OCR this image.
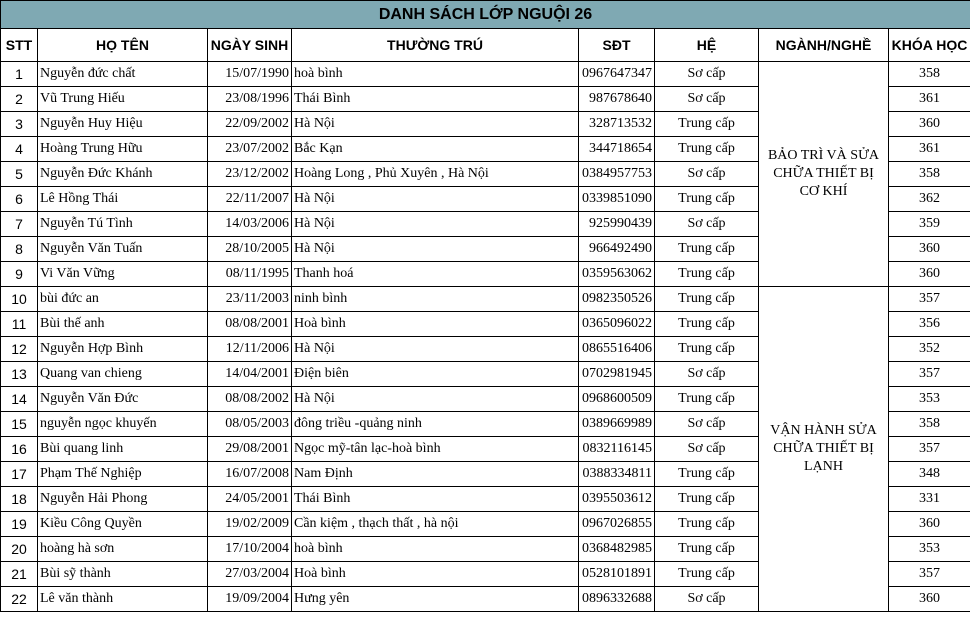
DANH SÁCH LỚP NGUỘI 26							
STT	HỌ TÊN	NGÀY SINH	THƯỜNG TRÚ	SĐT	HỆ	NGÀNH/NGHỀ	KHÓA HỌC
1	Nguyễn đức chất	15/07/1990	hoà bình	0967647347	Sơ cấp	BẢO TRÌ VÀ SỬA CHỮA THIẾT BỊ CƠ KHÍ	358
2	Vũ Trung Hiếu	23/08/1996	Thái Bình	987678640	Sơ cấp		361
3	Nguyễn Huy Hiệu	22/09/2002	Hà Nội	328713532	Trung cấp		360
4	Hoàng Trung Hữu	23/07/2002	Bắc Kạn	344718654	Trung cấp		361
5	Nguyễn Đức Khánh	23/12/2002	Hoàng Long , Phủ Xuyên , Hà Nội	0384957753	Sơ cấp		358
6	Lê Hồng Thái	22/11/2007	Hà Nội	0339851090	Trung cấp		362
7	Nguyễn Tú Tình	14/03/2006	Hà Nội	925990439	Sơ cấp		359
8	Nguyễn Văn Tuấn	28/10/2005	Hà Nội	966492490	Trung cấp		360
9	Vi Văn Vững	08/11/1995	Thanh hoá	0359563062	Trung cấp		360
10	bùi đức an	23/11/2003	ninh bình	0982350526	Trung cấp	VẬN HÀNH SỬA CHỮA THIẾT BỊ LẠNH	357
11	Bùi thế anh	08/08/2001	Hoà bình	0365096022	Trung cấp		356
12	Nguyễn Hợp Bình	12/11/2006	Hà Nội	0865516406	Trung cấp		352
13	Quang van chieng	14/04/2001	Điện biên	0702981945	Sơ cấp		357
14	Nguyễn Văn Đức	08/08/2002	Hà Nội	0968600509	Trung cấp		353
15	nguyễn ngọc khuyến	08/05/2003	đông triều -quảng ninh	0389669989	Sơ cấp		358
16	Bùi quang linh	29/08/2001	Ngọc mỹ-tân lạc-hoà bình	0832116145	Sơ cấp		357
17	Phạm Thế Nghiệp	16/07/2008	Nam Định	0388334811	Trung cấp		348
18	Nguyễn Hải Phong	24/05/2001	Thái Bình	0395503612	Trung cấp		331
19	Kiều Công Quyền	19/02/2009	Cần kiệm , thạch thất , hà nội	0967026855	Trung cấp		360
20	hoàng hà sơn	17/10/2004	hoà bình	0368482985	Trung cấp		353
21	Bùi sỹ thành	27/03/2004	Hoà bình	0528101891	Trung cấp		357
22	Lê văn thành	19/09/2004	Hưng yên	0896332688	Sơ cấp		360
